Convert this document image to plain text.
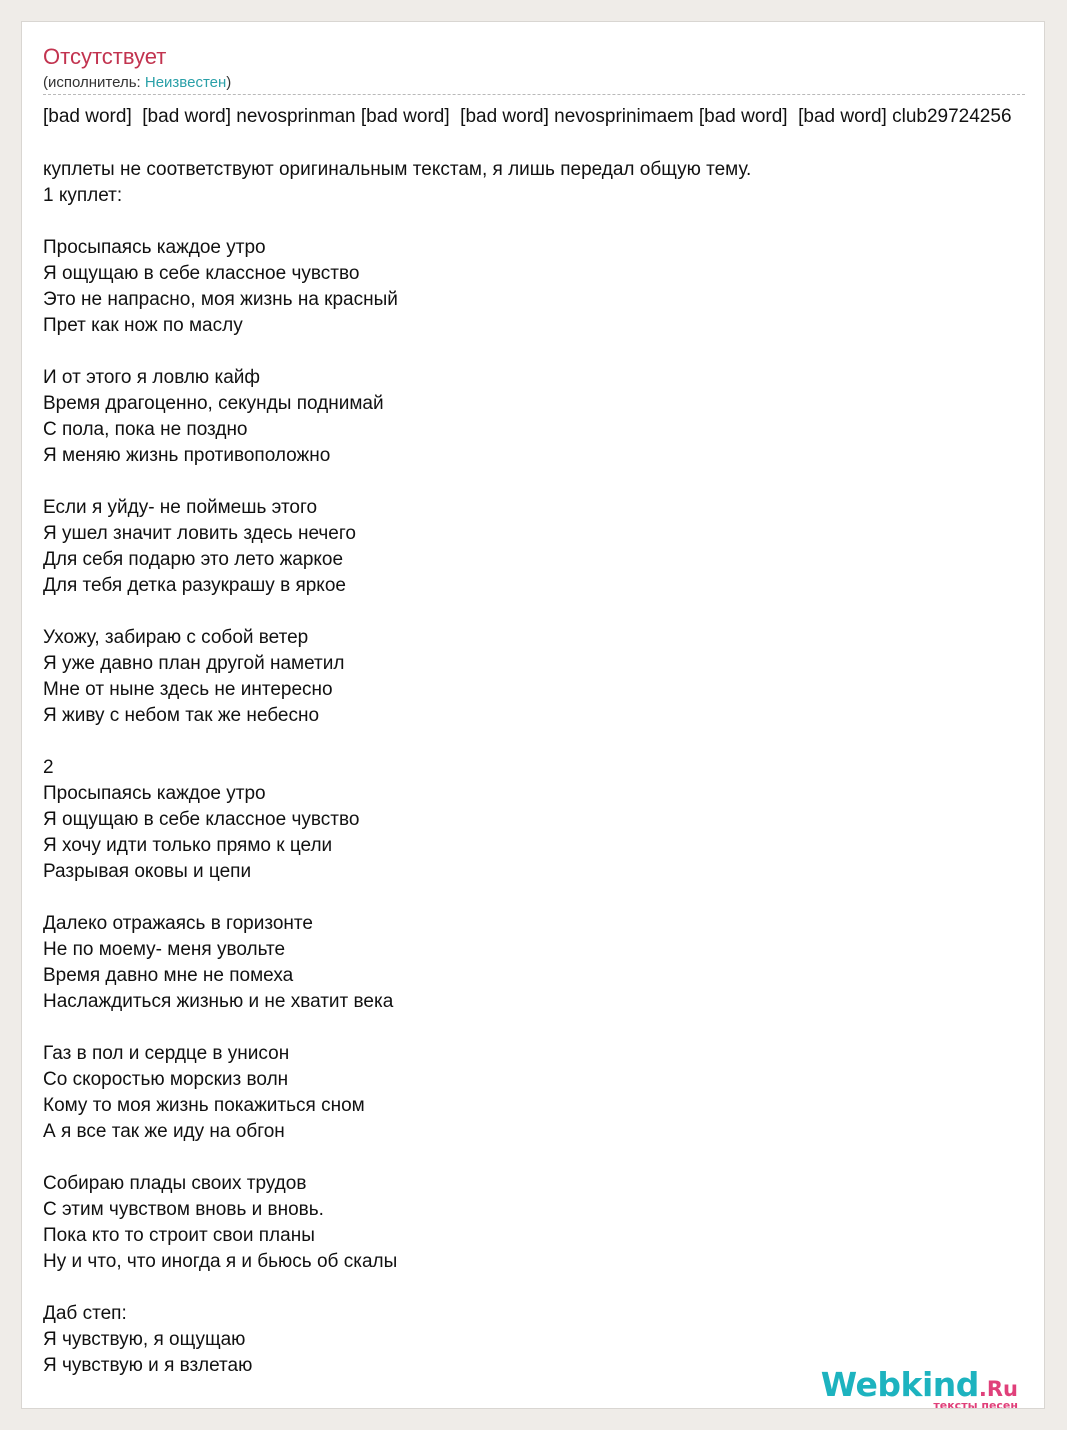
Отсутствует
(исполнитель: Неизвестен)
[bad word]  [bad word] nevosprinman [bad word]  [bad word] nevosprinimaem [bad word]  [bad word] club29724256
куплеты не соответствуют оригинальным текстам, я лишь передал общую тему.
1 куплет:
Просыпаясь каждое утро
Я ощущаю в себе классное чувство
Это не напрасно, моя жизнь на красный
Прет как нож по маслу
И от этого я ловлю кайф
Время драгоценно, секунды поднимай
С пола, пока не поздно
Я меняю жизнь противоположно
Если я уйду- не поймешь этого
Я ушел значит ловить здесь нечего
Для себя подарю это лето жаркое
Для тебя детка разукрашу в яркое
Ухожу, забираю с собой ветер
Я уже давно план другой наметил
Мне от ныне здесь не интересно
Я живу с небом так же небесно
2
Просыпаясь каждое утро
Я ощущаю в себе классное чувство
Я хочу идти только прямо к цели
Разрывая оковы и цепи
Далеко отражаясь в горизонте
Не по моему- меня увольте
Время давно мне не помеха
Наслаждиться жизнью и не хватит века
Газ в пол и сердце в унисон
Со скоростью морскиз волн
Кому то моя жизнь покажиться сном
А я все так же иду на обгон
Собираю плады своих трудов
С этим чувством вновь и вновь.
Пока кто то строит свои планы
Ну и что, что иногда я и бьюсь об скалы
Даб степ:
Я чувствую, я ощущаю
Я чувствую и я взлетаю	Webkind.Ru
тексты песен
